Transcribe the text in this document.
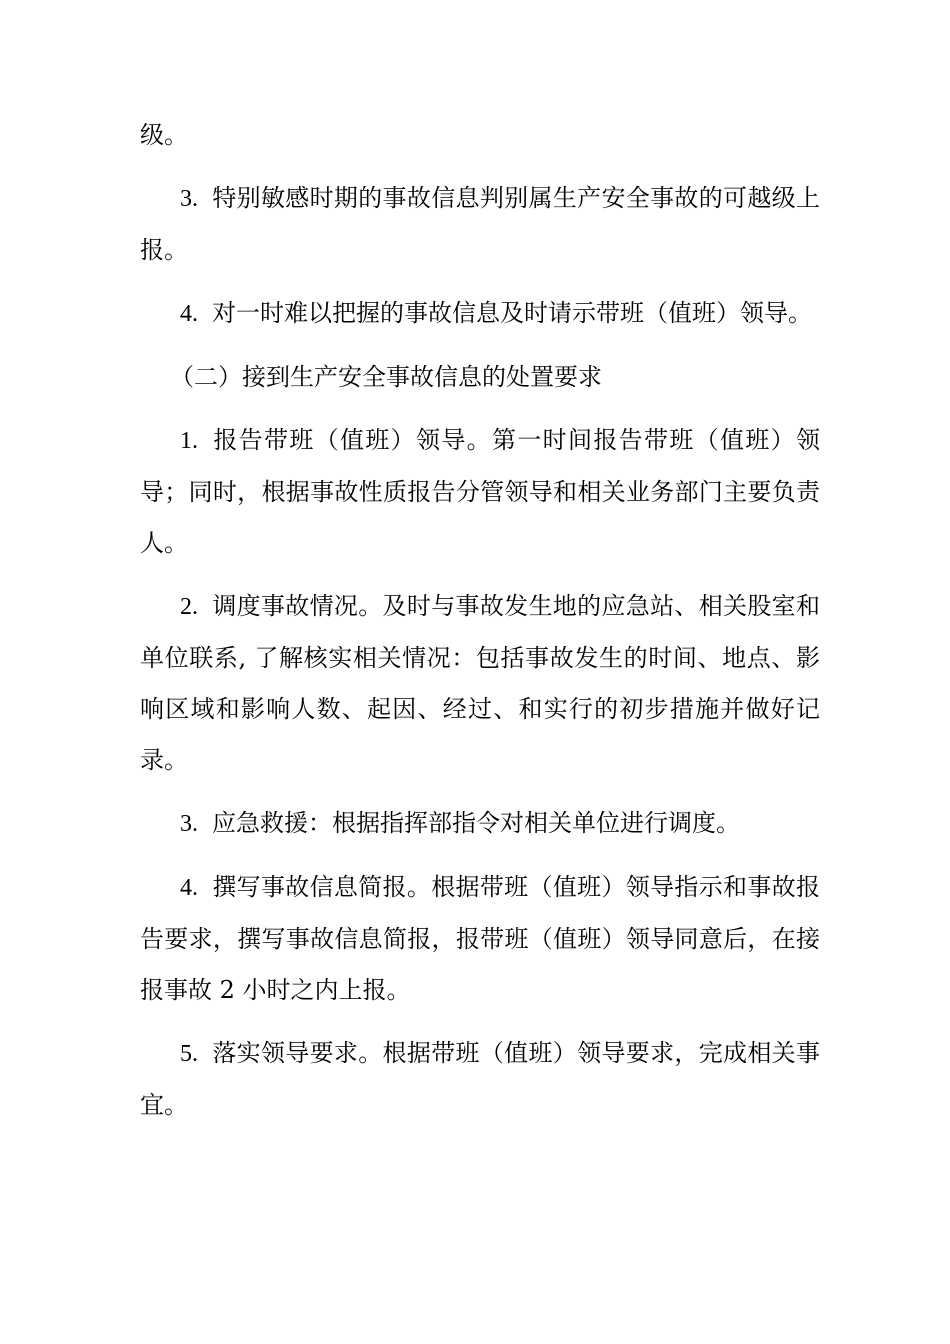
级。

3. 特别敏感时期的事故信息判别属生产安全事故的可越级上报。

4. 对一时难以把握的事故信息及时请示带班（值班）领导。

（二）接到生产安全事故信息的处置要求

1. 报告带班（值班）领导。第一时间报告带班（值班）领导；同时，根据事故性质报告分管领导和相关业务部门主要负责人。

2. 调度事故情况。及时与事故发生地的应急站、相关股室和单位联系, 了解核实相关情况：包括事故发生的时间、地点、影响区域和影响人数、起因、经过、和实行的初步措施并做好记录。

3. 应急救援：根据指挥部指令对相关单位进行调度。

4. 撰写事故信息简报。根据带班（值班）领导指示和事故报告要求，撰写事故信息简报，报带班（值班）领导同意后，在接报事故 2 小时之内上报。

5. 落实领导要求。根据带班（值班）领导要求，完成相关事宜。
